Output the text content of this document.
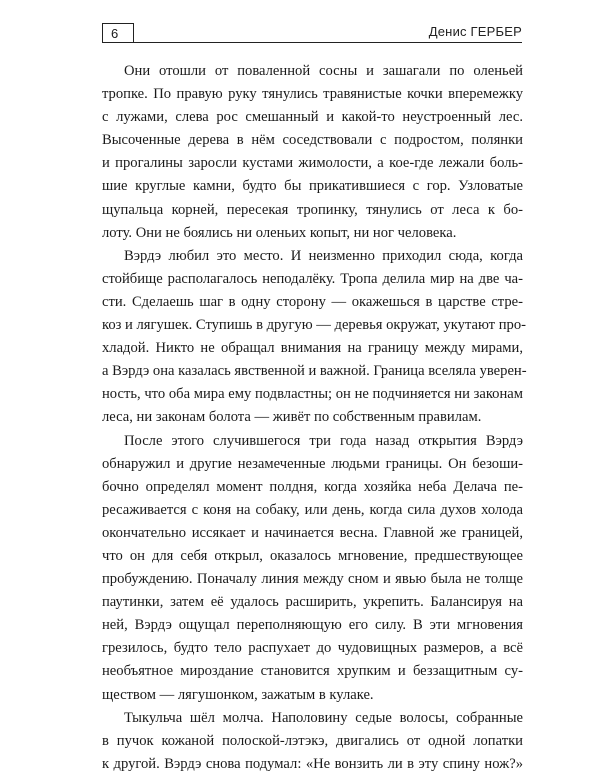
6	Денис ГЕРБЕР

Они отошли от поваленной сосны и зашагали по оленьей
тропке. По правую руку тянулись травянистые кочки вперемежку
с лужами, слева рос смешанный и какой-то неустроенный лес.
Высоченные дерева в нём соседствовали с подростом, полянки
и прогалины заросли кустами жимолости, а кое-где лежали боль-
шие круглые камни, будто бы прикатившиеся с гор. Узловатые
щупальца корней, пересекая тропинку, тянулись от леса к бо-
лоту. Они не боялись ни оленьих копыт, ни ног человека.

Вэрдэ любил это место. И неизменно приходил сюда, когда
стойбище располагалось неподалёку. Тропа делила мир на две ча-
сти. Сделаешь шаг в одну сторону — окажешься в царстве стре-
коз и лягушек. Ступишь в другую — деревья окружат, укутают про-
хладой. Никто не обращал внимания на границу между мирами,
а Вэрдэ она казалась явственной и важной. Граница вселяла уверен-
ность, что оба мира ему подвластны; он не подчиняется ни законам
леса, ни законам болота — живёт по собственным правилам.

После этого случившегося три года назад открытия Вэрдэ
обнаружил и другие незамеченные людьми границы. Он безоши-
бочно определял момент полдня, когда хозяйка неба Делача пе-
ресаживается с коня на собаку, или день, когда сила духов холода
окончательно иссякает и начинается весна. Главной же границей,
что он для себя открыл, оказалось мгновение, предшествующее
пробуждению. Поначалу линия между сном и явью была не толще
паутинки, затем её удалось расширить, укрепить. Балансируя на
ней, Вэрдэ ощущал переполняющую его силу. В эти мгновения
грезилось, будто тело распухает до чудовищных размеров, а всё
необъятное мироздание становится хрупким и беззащитным су-
ществом — лягушонком, зажатым в кулаке.

Тыкульча шёл молча. Наполовину седые волосы, собранные
в пучок кожаной полоской-лэтэкэ, двигались от одной лопатки
к другой. Вэрдэ снова подумал: «Не вонзить ли в эту спину нож?»
